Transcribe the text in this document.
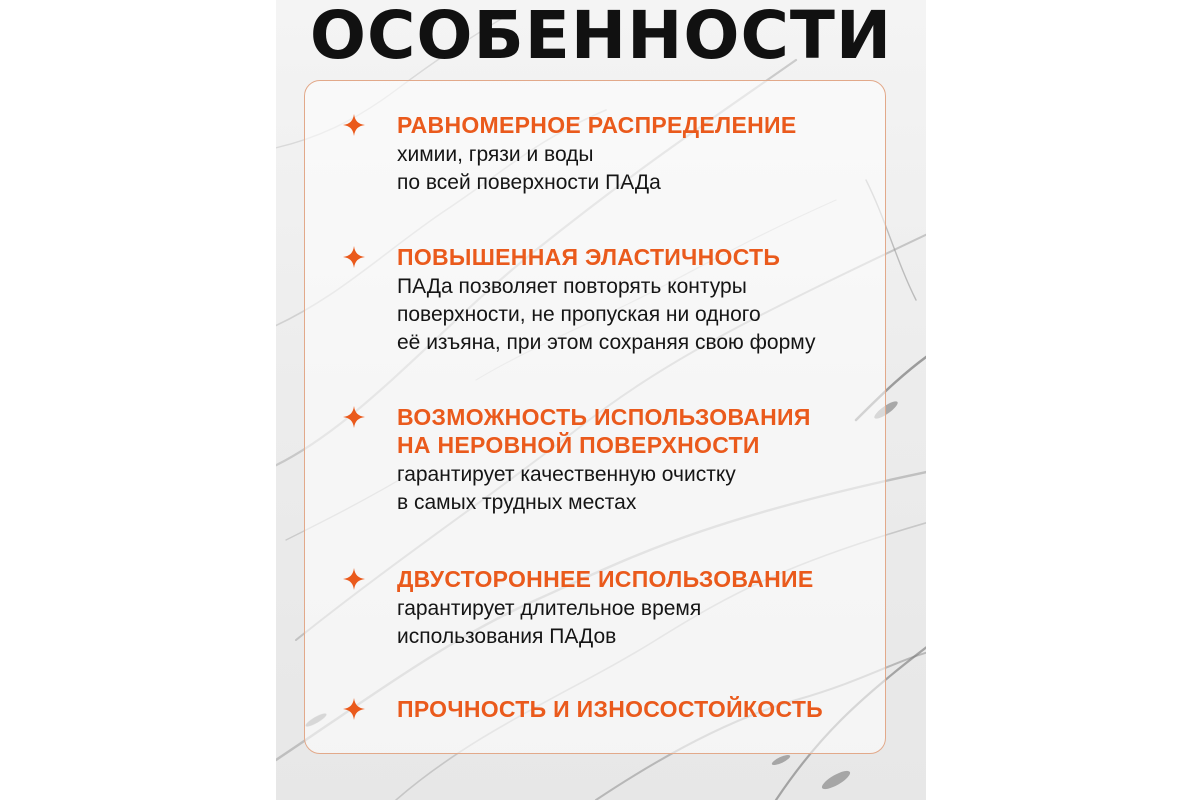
ОСОБЕННОСТИ
РАВНОМЕРНОЕ РАСПРЕДЕЛЕНИЕ
химии, грязи и воды
по всей поверхности ПАДа
ПОВЫШЕННАЯ ЭЛАСТИЧНОСТЬ
ПАДа позволяет повторять контуры
поверхности, не пропуская ни одного
её изъяна, при этом сохраняя свою форму
ВОЗМОЖНОСТЬ ИСПОЛЬЗОВАНИЯ
НА НЕРОВНОЙ ПОВЕРХНОСТИ
гарантирует качественную очистку
в самых трудных местах
ДВУСТОРОННЕЕ ИСПОЛЬЗОВАНИЕ
гарантирует длительное время
использования ПАДов
ПРОЧНОСТЬ И ИЗНОСОСТОЙКОСТЬ
